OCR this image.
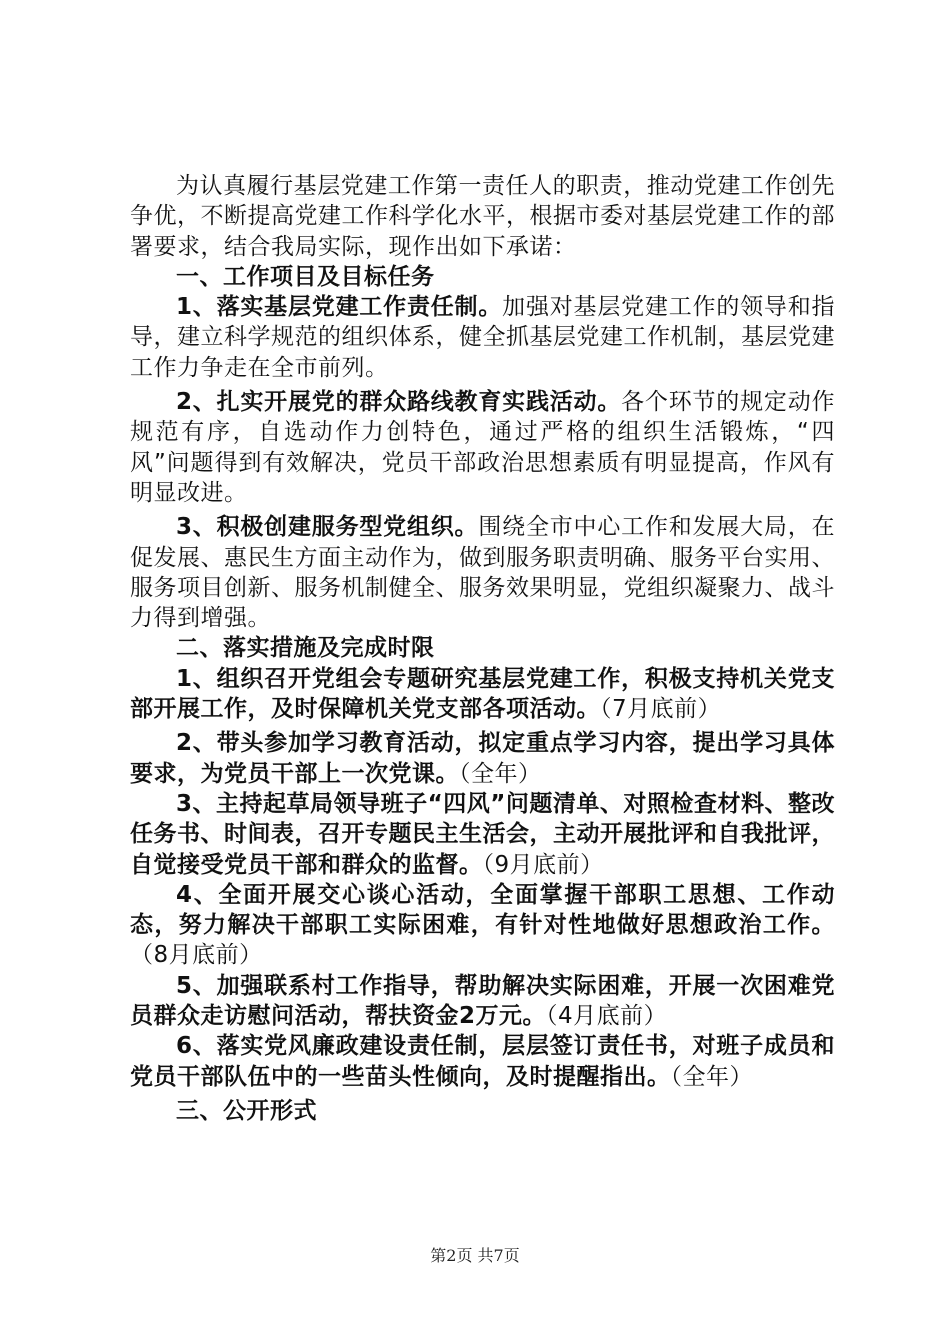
为认真履行基层党建工作第一责任人的职责，推动党建工作创先争优，不断提高党建工作科学化水平，根据市委对基层党建工作的部署要求，结合我局实际，现作出如下承诺：

一、工作项目及目标任务

1、落实基层党建工作责任制。加强对基层党建工作的领导和指导，建立科学规范的组织体系，健全抓基层党建工作机制，基层党建工作力争走在全市前列。

2、扎实开展党的群众路线教育实践活动。各个环节的规定动作规范有序，自选动作力创特色，通过严格的组织生活锻炼，“四风”问题得到有效解决，党员干部政治思想素质有明显提高，作风有明显改进。

3、积极创建服务型党组织。围绕全市中心工作和发展大局，在促发展、惠民生方面主动作为，做到服务职责明确、服务平台实用、服务项目创新、服务机制健全、服务效果明显，党组织凝聚力、战斗力得到增强。

二、落实措施及完成时限

1、组织召开党组会专题研究基层党建工作，积极支持机关党支部开展工作，及时保障机关党支部各项活动。（7月底前）

2、带头参加学习教育活动，拟定重点学习内容，提出学习具体要求，为党员干部上一次党课。（全年）

3、主持起草局领导班子“四风”问题清单、对照检查材料、整改任务书、时间表，召开专题民主生活会，主动开展批评和自我批评，自觉接受党员干部和群众的监督。（9月底前）

4、全面开展交心谈心活动，全面掌握干部职工思想、工作动态，努力解决干部职工实际困难，有针对性地做好思想政治工作。（8月底前）

5、加强联系村工作指导，帮助解决实际困难，开展一次困难党员群众走访慰问活动，帮扶资金2万元。（4月底前）

6、落实党风廉政建设责任制，层层签订责任书，对班子成员和党员干部队伍中的一些苗头性倾向，及时提醒指出。（全年）

三、公开形式

第2页 共7页
